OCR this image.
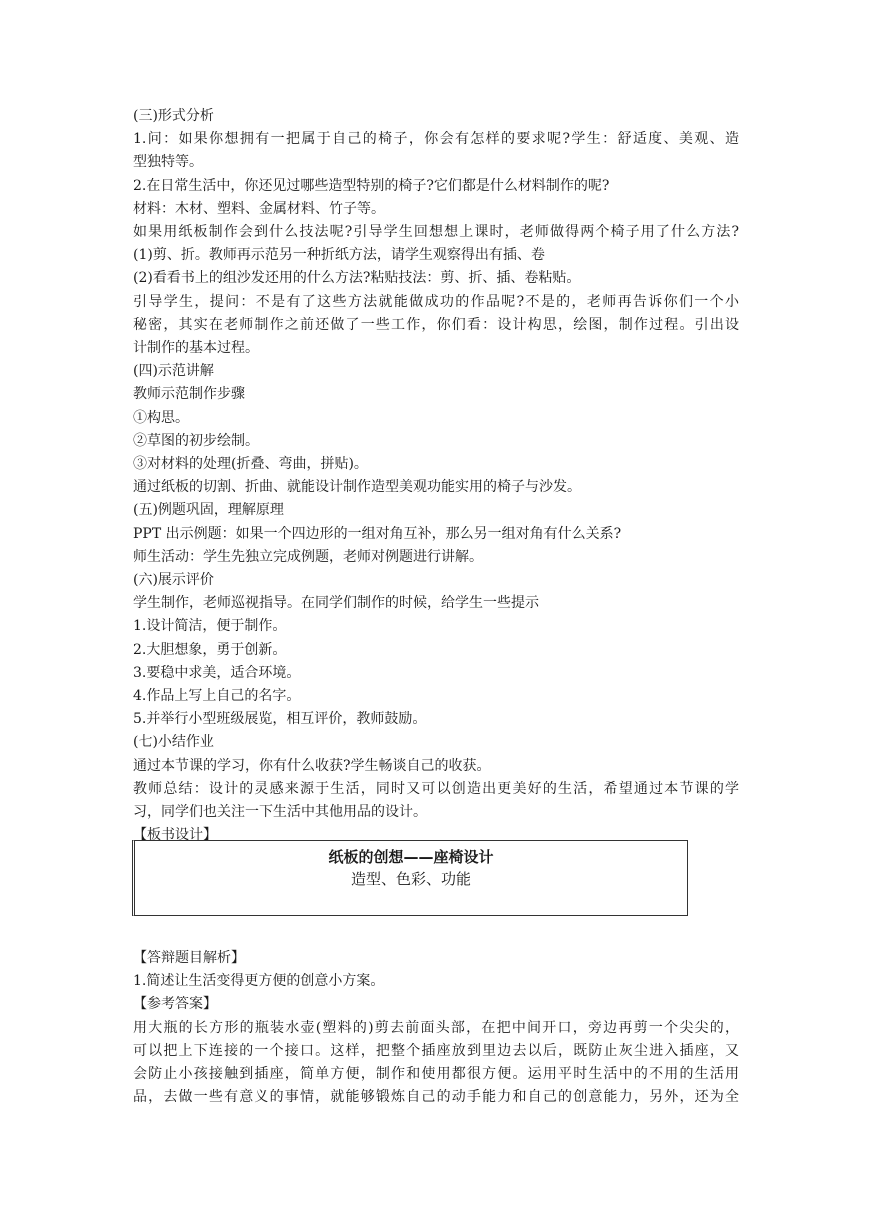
(三)形式分析
1.问：如果你想拥有一把属于自己的椅子，你会有怎样的要求呢?学生：舒适度、美观、造
型独特等。
2.在日常生活中，你还见过哪些造型特别的椅子?它们都是什么材料制作的呢?
材料：木材、塑料、金属材料、竹子等。
如果用纸板制作会到什么技法呢?引导学生回想想上课时，老师做得两个椅子用了什么方法?
(1)剪、折。教师再示范另一种折纸方法，请学生观察得出有插、卷
(2)看看书上的组沙发还用的什么方法?粘贴技法：剪、折、插、卷粘贴。
引导学生，提问：不是有了这些方法就能做成功的作品呢?不是的，老师再告诉你们一个小
秘密，其实在老师制作之前还做了一些工作，你们看：设计构思，绘图，制作过程。引出设
计制作的基本过程。
(四)示范讲解
教师示范制作步骤
①构思。
②草图的初步绘制。
③对材料的处理(折叠、弯曲，拼贴)。
通过纸板的切割、折曲、就能设计制作造型美观功能实用的椅子与沙发。
(五)例题巩固，理解原理
PPT 出示例题：如果一个四边形的一组对角互补，那么另一组对角有什么关系?
师生活动：学生先独立完成例题，老师对例题进行讲解。
(六)展示评价
学生制作，老师巡视指导。在同学们制作的时候，给学生一些提示
1.设计简洁，便于制作。
2.大胆想象，勇于创新。
3.要稳中求美，适合环境。
4.作品上写上自己的名字。
5.并举行小型班级展览，相互评价，教师鼓励。
(七)小结作业
通过本节课的学习，你有什么收获?学生畅谈自己的收获。
教师总结：设计的灵感来源于生活，同时又可以创造出更美好的生活，希望通过本节课的学
习，同学们也关注一下生活中其他用品的设计。
【板书设计】
纸板的创想——座椅设计
造型、色彩、功能
【答辩题目解析】
1.简述让生活变得更方便的创意小方案。
【参考答案】
用大瓶的长方形的瓶装水壶(塑料的)剪去前面头部，在把中间开口，旁边再剪一个尖尖的，
可以把上下连接的一个接口。这样，把整个插座放到里边去以后，既防止灰尘进入插座，又
会防止小孩接触到插座，简单方便，制作和使用都很方便。运用平时生活中的不用的生活用
品，去做一些有意义的事情，就能够锻炼自己的动手能力和自己的创意能力，另外，还为全
